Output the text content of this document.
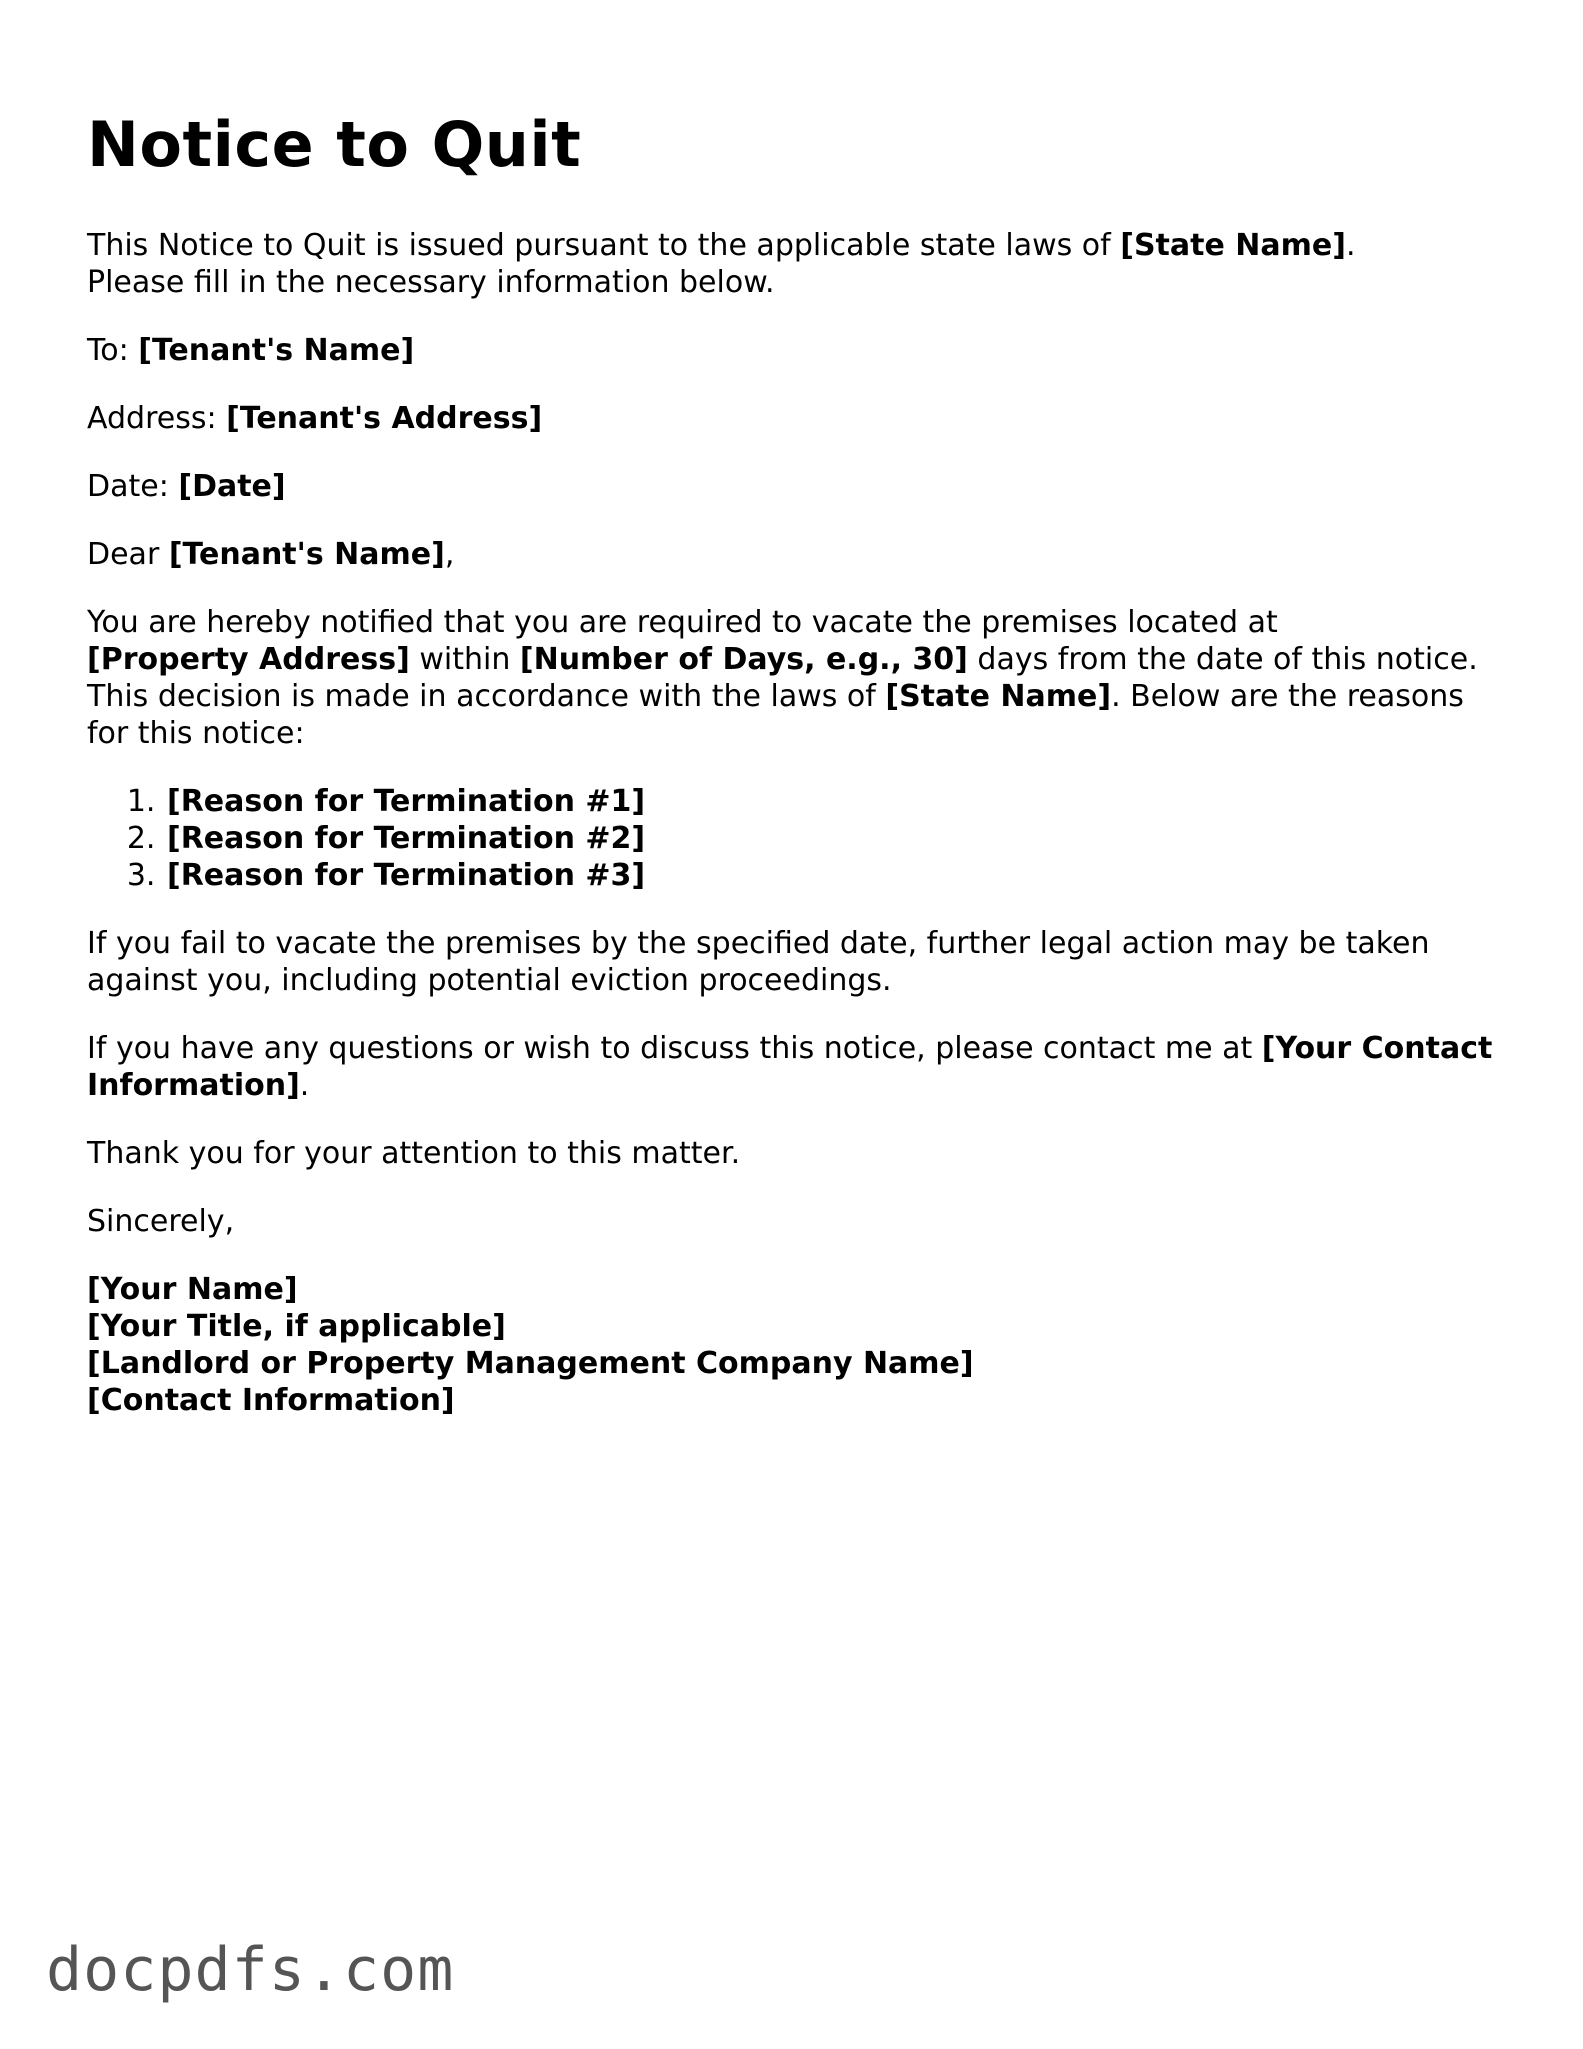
Notice to Quit

This Notice to Quit is issued pursuant to the applicable state laws of [State Name].
Please fill in the necessary information below.

To: [Tenant's Name]

Address: [Tenant's Address]

Date: [Date]

Dear [Tenant's Name],

You are hereby notified that you are required to vacate the premises located at
[Property Address] within [Number of Days, e.g., 30] days from the date of this notice. This decision is made in accordance with the laws of [State Name]. Below are the reasons for this notice:

1. [Reason for Termination #1]
2. [Reason for Termination #2]
3. [Reason for Termination #3]

If you fail to vacate the premises by the specified date, further legal action may be taken against you, including potential eviction proceedings.

If you have any questions or wish to discuss this notice, please contact me at [Your Contact Information].

Thank you for your attention to this matter.

Sincerely,

[Your Name]
[Your Title, if applicable]
[Landlord or Property Management Company Name]
[Contact Information]
docpdfs.com
